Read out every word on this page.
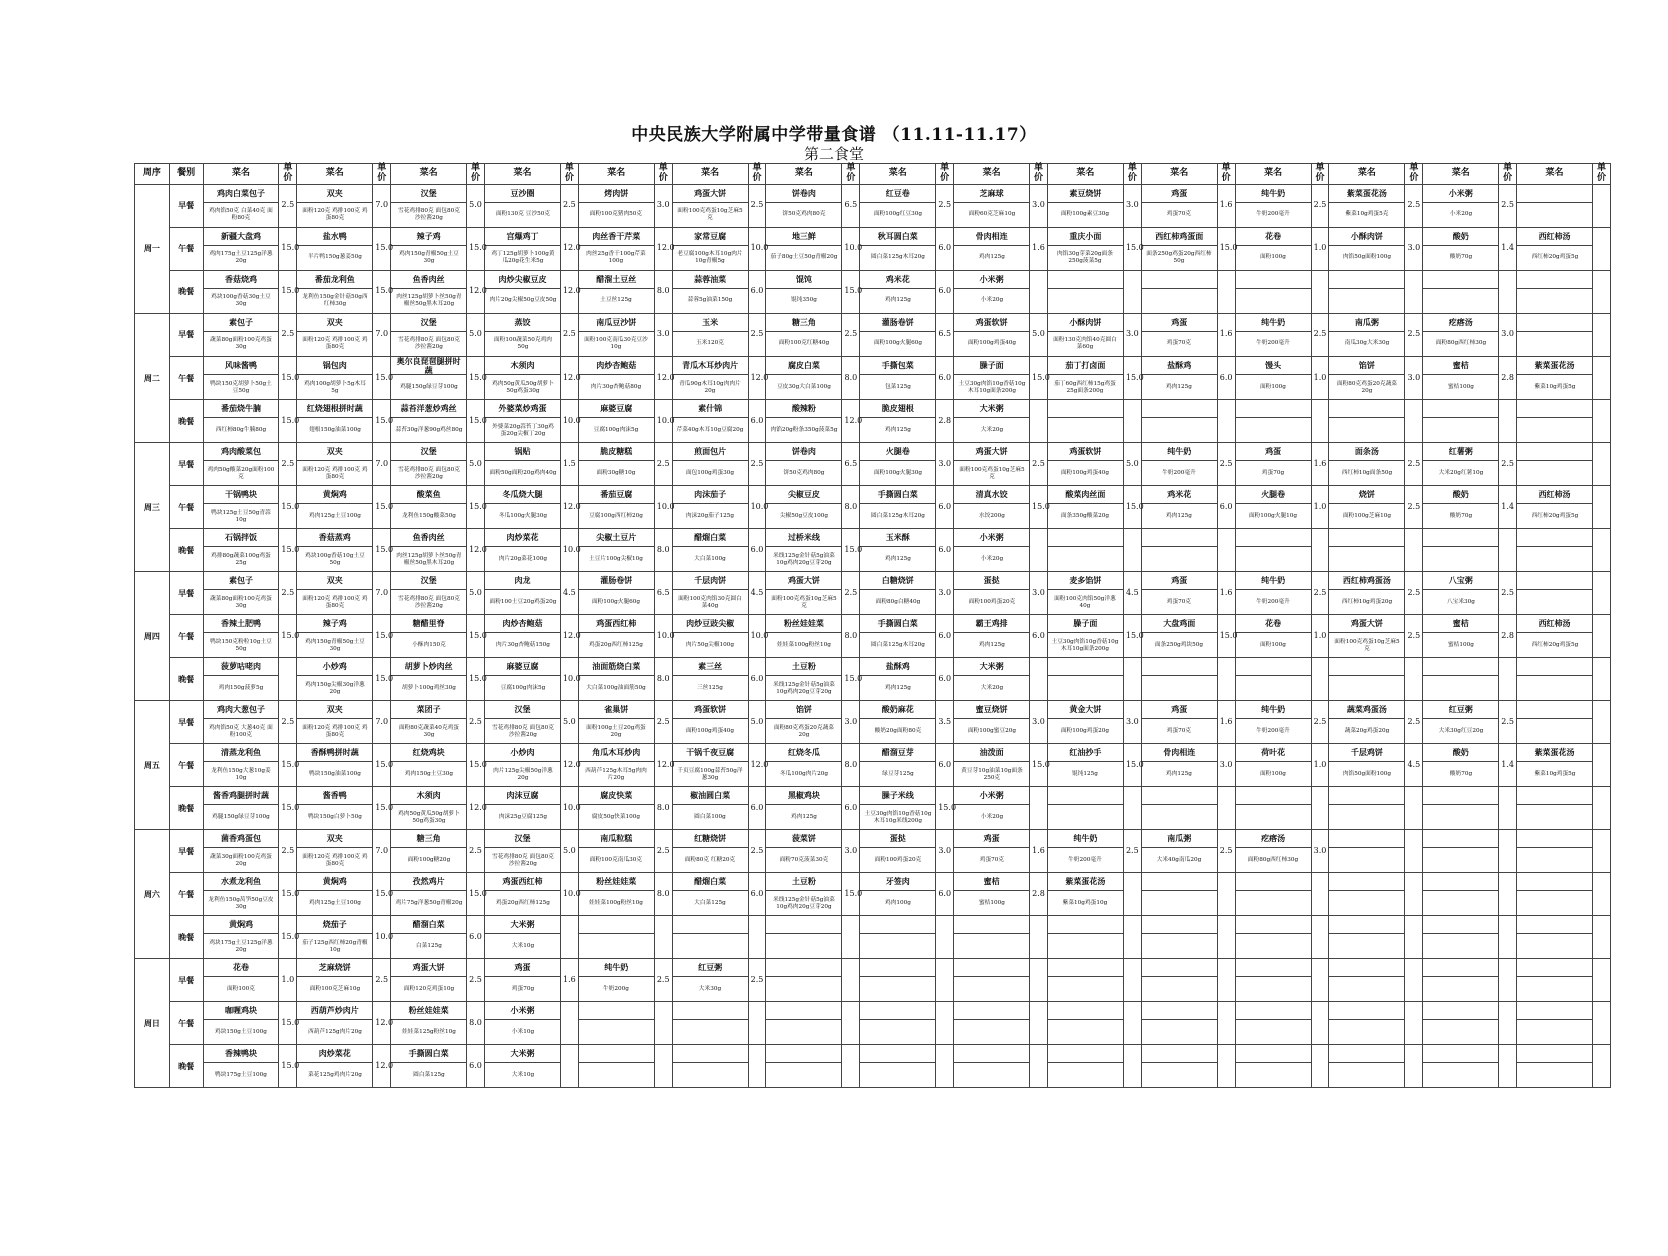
中央民族大学附属中学带量食谱 （11.11-11.17）
第二食堂
周序	餐别	菜名	单价	菜名	单价	菜名	单价	菜名	单价	菜名	单价	菜名	单价	菜名	单价	菜名	单价	菜名	单价	菜名	单价	菜名	单价	菜名	单价	菜名	单价	菜名	单价	菜名	单价
周一	早餐	鸡肉白菜包子	2.5	双夹	7.0	汉堡	5.0	豆沙圈	2.5	烤肉饼	3.0	鸡蛋大饼	2.5	饼卷肉	6.5	红豆卷	2.5	芝麻球	3.0	素豆烧饼	3.0	鸡蛋	1.6	纯牛奶	2.5	紫菜蛋花汤	2.5	小米粥	2.5		
		鸡肉馅50克 白菜40克 面粉80克		面粉120克 鸡排100克 鸡蛋80克		雪花鸡排80克 面包80克 沙拉酱20g		面粉130克 豆沙50克		面粉100克猪肉50克		面粉100克鸡蛋10g芝麻5克		饼50克鸡肉80克		面粉100g红豆30g		面粉60克芝麻10g		面粉100g素豆30g		鸡蛋70克		牛奶200毫升		紫菜10g鸡蛋5克		小米20g			
	午餐	新疆大盘鸡	15.0	盐水鸭	15.0	辣子鸡	15.0	宫爆鸡丁	12.0	肉丝香干芹菜	12.0	家常豆腐	10.0	地三鲜	10.0	秋耳圆白菜	6.0	骨肉相连	1.6	重庆小面	15.0	西红柿鸡蛋面	15.0	花卷	1.0	小酥肉饼	3.0	酸奶	1.4	西红柿汤	
		鸡肉175g土豆125g洋葱20g		半片鸭150g葱姜50g		鸡肉150g青椒50g土豆30g		鸡丁125g胡萝卜100g黄瓜20g花生米5g		肉丝25g香干100g芹菜100g		老豆腐100g木耳10g肉片10g青椒5g		茄子80g土豆50g青椒20g		圆白菜125g木耳20g		鸡肉125g		肉馅30g芽菜20g面条250g菠菜5g		面条250g鸡蛋20g西红柿50g		面粉100g		肉馅50g面粉100g		酸奶70g		西红柿20g鸡蛋5g	
	晚餐	香菇烧鸡	15.0	番茄龙利鱼	15.0	鱼香肉丝	12.0	肉炒尖椒豆皮	12.0	醋溜土豆丝	8.0	蒜蓉油菜	6.0	馄饨	15.0	鸡米花	6.0	小米粥													
		鸡块100g香菇30g土豆30g		龙利鱼150g金针菇50g西红柿30g		肉丝125g胡萝卜丝50g青椒丝50g黑木耳20g		肉片20g尖椒50g豆皮50g		土豆丝125g		蒜蓉5g油菜150g		馄饨350g		鸡肉125g		小米20g													
周二	早餐	素包子	2.5	双夹	7.0	汉堡	5.0	蒸饺	2.5	南瓜豆沙饼	3.0	玉米	2.5	糖三角	2.5	灌肠卷饼	6.5	鸡蛋软饼	5.0	小酥肉饼	3.0	鸡蛋	1.6	纯牛奶	2.5	南瓜粥	2.5	疙瘩汤	3.0		
		蔬菜80g面粉100克鸡蛋30g		面粉120克 鸡排100克 鸡蛋80克		雪花鸡排80克 面包80克 沙拉酱20g		面粉100蔬菜50克鸡肉50g		面粉100克南瓜30克豆沙10g		玉米120克		面粉100克红糖40g		面粉100g火腿60g		面粉100g鸡蛋40g		面粉130克肉馅40克圆白菜60g		鸡蛋70克		牛奶200毫升		南瓜30g大米30g		面粉80g西红柿30g			
	午餐	风味酱鸭	15.0	锅包肉	15.0	奥尔良琵琶腿拼时蔬	15.0	木须肉	12.0	肉炒杏鲍菇	12.0	青瓜木耳炒肉片	12.0	腐皮白菜	8.0	手撕包菜	6.0	臊子面	15.0	茄丁打卤面	15.0	盐酥鸡	6.0	馒头	1.0	馅饼	3.0	蜜桔	2.8	紫菜蛋花汤	
		鸭块150克胡萝卜50g土豆50g		鸡肉100g胡萝卜5g木耳5g		鸡腿150g绿豆芽100g		鸡肉50g黄瓜50g胡萝卜50g鸡蛋30g		肉片30g杏鲍菇80g		青瓜90g木耳10g肉肉片20g		豆皮30g大白菜100g		包菜125g		土豆30g肉馅10g香菇10g木耳10g面条200g		茄丁60g西红柿15g鸡蛋25g面条200g		鸡肉125g		面粉100g		面粉80克鸡蛋20克蔬菜20g		蜜桔100g		紫菜10g鸡蛋5g	
	晚餐	番茄烧牛腩	15.0	红烧翅根拼时蔬	15.0	蒜苔洋葱炒鸡丝	15.0	外婆菜炒鸡蛋	10.0	麻婆豆腐	10.0	素什锦	6.0	酸辣粉	12.0	脆皮翅根	2.8	大米粥													
		西红柿80g牛腩80g		翅根150g油菜100g		蒜苔30g洋葱90g鸡丝80g		外婆菜20g蒜苔丁30g鸡蛋20g尖椒丁20g		豆腐100g肉沫5g		芹菜40g木耳10g豆腐20g		肉馅20g粉条350g菠菜5g		鸡肉125g		大米20g													
周三	早餐	鸡肉酸菜包	2.5	双夹	7.0	汉堡	5.0	锅贴	1.5	脆皮糖糕	2.5	煎面包片	2.5	饼卷肉	6.5	火腿卷	3.0	鸡蛋大饼	2.5	鸡蛋软饼	5.0	纯牛奶	2.5	鸡蛋	1.6	面条汤	2.5	红薯粥	2.5		
		鸡肉50g酸菜20g面粉100克		面粉120克 鸡排100克 鸡蛋80克		雪花鸡排80克 面包80克 沙拉酱20g		面粉50g面粉20g鸡肉40g		面粉30g糖10g		面包100g鸡蛋30g		饼50克鸡肉80g		面粉100g火腿30g		面粉100克鸡蛋10g芝麻5克		面粉100g鸡蛋40g		牛奶200毫升		鸡蛋70g		西红柿10g面条50g		大米20g红薯10g			
	午餐	干锅鸭块	15.0	黄焖鸡	15.0	酸菜鱼	15.0	冬瓜烧大腿	12.0	番茄豆腐	10.0	肉沫茄子	10.0	尖椒豆皮	8.0	手撕圆白菜	6.0	清真水饺	15.0	酸菜肉丝面	15.0	鸡米花	6.0	火腿卷	1.0	烧饼	2.5	酸奶	1.4	西红柿汤	
		鸭块125g土豆50g青蒜10g		鸡肉125g土豆100g		龙利鱼150g酸菜50g		冬瓜100g火腿30g		豆腐100g西红柿20g		肉沫20g茄子125g		尖椒50g豆皮100g		圆白菜125g木耳20g		水饺200g		面条350g酸菜20g		鸡肉125g		面粉100g火腿10g		面粉100g芝麻10g		酸奶70g		西红柿20g鸡蛋5g	
	晚餐	石锅拌饭	15.0	香菇蒸鸡	15.0	鱼香肉丝	12.0	肉炒菜花	10.0	尖椒土豆片	8.0	醋熘白菜	6.0	过桥米线	15.0	玉米酥	6.0	小米粥													
		鸡排80g蔬菜100g鸡蛋25g		鸡块100g香菇10g土豆50g		肉丝125g胡萝卜丝50g青椒丝50g黑木耳20g		肉片20g菜花100g		土豆片100g尖椒10g		大白菜100g		米线125g金针菇5g油菜10g鸡肉20g豆芽20g		鸡肉125g		小米20g													
周四	早餐	素包子	2.5	双夹	7.0	汉堡	5.0	肉龙	4.5	灌肠卷饼	6.5	千层肉饼	4.5	鸡蛋大饼	2.5	白糖烧饼	3.0	蛋挞	3.0	麦多馅饼	4.5	鸡蛋	1.6	纯牛奶	2.5	西红柿鸡蛋汤	2.5	八宝粥	2.5		
		蔬菜80g面粉100克鸡蛋30g		面粉120克 鸡排100克 鸡蛋80克		雪花鸡排80克 面包80克 沙拉酱20g		面粉100土豆20g鸡蛋20g		面粉100g火腿60g		面粉100克肉馅30克圆白菜40g		面粉100克鸡蛋10g芝麻5克		面粉80g白糖40g		面粉100鸡蛋20克		面粉100克肉馅50g洋葱40g		鸡蛋70克		牛奶200毫升		西红柿10g鸡蛋20g		八宝米30g			
	午餐	香辣土肥鸭	15.0	辣子鸡	15.0	糖醋里脊	15.0	肉炒杏鲍菇	12.0	鸡蛋西红柿	10.0	肉炒豆豉尖椒	10.0	粉丝娃娃菜	8.0	手撕圆白菜	6.0	霸王鸡排	6.0	臊子面	15.0	大盘鸡面	15.0	花卷	1.0	鸡蛋大饼	2.5	蜜桔	2.8	西红柿汤	
		鸭块150克粉粒10g土豆50g		鸡肉150g青椒50g土豆30g		小酥肉150克		肉片30g杏鲍菇150g		鸡蛋20g西红柿125g		肉片50g尖椒100g		娃娃菜100g粉丝10g		圆白菜125g木耳20g		鸡肉125g		土豆30g肉馅10g香菇10g木耳10g面条200g		面条250g鸡块50g		面粉100g		面粉100克鸡蛋10g芝麻5克		蜜桔100g		西红柿20g鸡蛋5g	
	晚餐	菠萝咕咾肉		小炒鸡	15.0	胡萝卜炒肉丝	15.0	麻婆豆腐	10.0	油面筋烧白菜	8.0	素三丝	6.0	土豆粉	15.0	盐酥鸡	6.0	大米粥													
		鸡肉150g菠萝5g		鸡肉150g尖椒30g洋葱20g		胡萝卜100g鸡丝30g		豆腐100g肉沫5g		大白菜100g油面筋50g		三丝125g		米线125g金针菇5g油菜10g鸡肉20g豆芽20g		鸡肉125g		大米20g													
周五	早餐	鸡肉大葱包子	2.5	双夹	7.0	菜团子	2.5	汉堡	5.0	雀巢饼	2.5	鸡蛋软饼	5.0	馅饼	3.0	酸奶麻花	3.5	蜜豆烧饼	3.0	黄金大饼	3.0	鸡蛋	1.6	纯牛奶	2.5	蔬菜鸡蛋汤	2.5	红豆粥	2.5		
		鸡肉馅50克 大葱40克 面粉100克		面粉120克 鸡排100克 鸡蛋80克		面粉80克蔬菜40克鸡蛋30g		雪花鸡排80克 面包80克沙拉酱20g		面粉100g土豆20g鸡蛋20g		面粉100g鸡蛋40g		面粉80克鸡蛋20克蔬菜20g		酸奶20g面粉80克		面粉100g蜜豆20g		面粉100g鸡蛋20g		鸡蛋70克		牛奶200毫升		蔬菜20g鸡蛋20g		大米30g红豆20g			
	午餐	清蒸龙利鱼	15.0	香酥鸭拼时蔬	15.0	红烧鸡块	15.0	小炒肉	12.0	角瓜木耳炒肉	12.0	干锅千夜豆腐	12.0	红烧冬瓜	8.0	醋溜豆芽	6.0	油泼面	15.0	红油抄手	15.0	骨肉相连	3.0	荷叶花	1.0	千层鸡饼	4.5	酸奶	1.4	紫菜蛋花汤	
		龙利鱼150g大葱10g姜10g		鸭块150g油菜100g		鸡肉150g土豆30g		肉片125g尖椒50g洋葱20g		西葫芦125g木耳5g肉肉片20g		千页豆腐100g蒜苔50g洋葱30g		冬瓜100g肉片20g		绿豆芽125g		黄豆芽10g油菜10g面条250克		馄饨125g		鸡肉125g		面粉100g		肉馅50g面粉100g		酸奶70g		紫菜10g鸡蛋5g	
	晚餐	酱香鸡腿拼时蔬	15.0	酱香鸭	15.0	木须肉	12.0	肉沫豆腐	10.0	腐皮快菜	8.0	椒油圆白菜	6.0	黑椒鸡块	6.0	臊子米线	15.0	小米粥													
		鸡腿150g绿豆芽100g		鸭块150g白萝卜50g		鸡肉50g黄瓜50g胡萝卜50g鸡蛋30g		肉沫25g豆腐125g		腐皮50g快菜100g		圆白菜100g		鸡肉125g		土豆30g肉馅10g香菇10g木耳10g米线200g		小米20g													
周六	早餐	菌香鸡蛋包	2.5	双夹	7.0	糖三角	2.5	汉堡	5.0	南瓜粒糕	2.5	红糖烧饼	2.5	菠菜饼	3.0	蛋挞	3.0	鸡蛋	1.6	纯牛奶	2.5	南瓜粥	2.5	疙瘩汤	3.0						
		蔬菜30g面粉100克鸡蛋20g		面粉120克 鸡排100克 鸡蛋80克		面粉100g糖20g		雪花鸡排80克 面包80克沙拉酱20g		面粉100克南瓜30克		面粉80克 红糖20克		面粉70克菠菜30克		面粉100鸡蛋20克		鸡蛋70克		牛奶200毫升		大米40g南瓜20g		面粉80g西红柿30g							
	午餐	水煮龙利鱼	15.0	黄焖鸡	15.0	孜然鸡片	15.0	鸡蛋西红柿	10.0	粉丝娃娃菜	8.0	醋熘白菜	6.0	土豆粉	15.0	牙签肉	6.0	蜜桔	2.8	紫菜蛋花汤											
		龙利鱼150g莴笋50g豆皮30g		鸡肉125g土豆100g		鸡片75g洋葱50g青椒20g		鸡蛋20g西红柿125g		娃娃菜100g粉丝10g		大白菜125g		米线125g金针菇5g油菜10g鸡肉20g豆芽20g		鸡肉100g		蜜桔100g		紫菜10g鸡蛋10g											
	晚餐	黄焖鸡	15.0	烧茄子	10.0	醋溜白菜	6.0	大米粥																							
		鸡块175g土豆125g洋葱20g		茄子125g西红柿20g青椒10g		白菜125g		大米10g																							
周日	早餐	花卷	1.0	芝麻烧饼	2.5	鸡蛋大饼	2.5	鸡蛋	1.6	纯牛奶	2.5	红豆粥	2.5																		
		面粉100克		面粉100克芝麻10g		面粉120克鸡蛋10g		鸡蛋70g		牛奶200g		大米30g																			
	午餐	咖喱鸡块	15.0	西葫芦炒肉片	12.0	粉丝娃娃菜	8.0	小米粥																							
		鸡块150g土豆100g		西葫芦125g肉片20g		娃娃菜125g粉丝10g		小米10g																							
	晚餐	香辣鸭块	15.0	肉炒菜花	12.0	手撕圆白菜	6.0	大米粥																							
		鸭块175g土豆100g		菜花125g鸡肉片20g		圆白菜125g		大米10g																							
